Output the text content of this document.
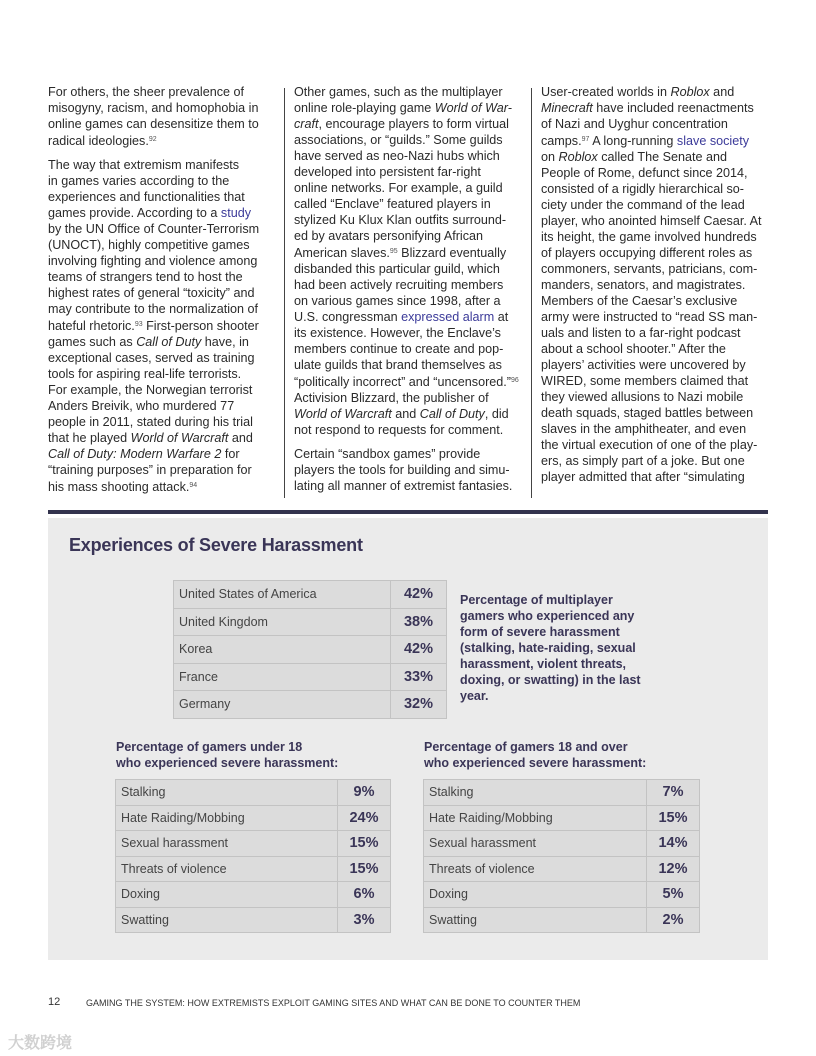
For others, the sheer prevalence of
misogyny, racism, and homophobia in
online games can desensitize them to
radical ideologies.$^{92}$

The way that extremism manifests
in games varies according to the
experiences and functionalities that
games provide. According to a study
by the UN Office of Counter-Terrorism
(UNOCT), highly competitive games
involving fighting and violence among
teams of strangers tend to host the
highest rates of general “toxicity” and
may contribute to the normalization of
hateful rhetoric.$^{93}$ First-person shooter
games such as Call of Duty have, in
exceptional cases, served as training
tools for aspiring real-life terrorists.
For example, the Norwegian terrorist
Anders Breivik, who murdered 77
people in 2011, stated during his trial
that he played World of Warcraft and
Call of Duty: Modern Warfare 2 for
“training purposes” in preparation for
his mass shooting attack.$^{94}$

Other games, such as the multiplayer
online role-playing game World of War-
craft, encourage players to form virtual
associations, or “guilds.” Some guilds
have served as neo-Nazi hubs which
developed into persistent far-right
online networks. For example, a guild
called “Enclave” featured players in
stylized Ku Klux Klan outfits surround-
ed by avatars personifying African
American slaves.$^{95}$ Blizzard eventually
disbanded this particular guild, which
had been actively recruiting members
on various games since 1998, after a
U.S. congressman expressed alarm at
its existence. However, the Enclave’s
members continue to create and pop-
ulate guilds that brand themselves as
“politically incorrect” and “uncensored.”$^{96}$
Activision Blizzard, the publisher of
World of Warcraft and Call of Duty, did
not respond to requests for comment.

Certain “sandbox games” provide
players the tools for building and simu-
lating all manner of extremist fantasies.

User-created worlds in Roblox and
Minecraft have included reenactments
of Nazi and Uyghur concentration
camps.$^{97}$ A long-running slave society
on Roblox called The Senate and
People of Rome, defunct since 2014,
consisted of a rigidly hierarchical so-
ciety under the command of the lead
player, who anointed himself Caesar. At
its height, the game involved hundreds
of players occupying different roles as
commoners, servants, patricians, com-
manders, senators, and magistrates.
Members of the Caesar’s exclusive
army were instructed to “read SS man-
uals and listen to a far-right podcast
about a school shooter.” After the
players’ activities were uncovered by
WIRED, some members claimed that
they viewed allusions to Nazi mobile
death squads, staged battles between
slaves in the amphitheater, and even
the virtual execution of one of the play-
ers, as simply part of a joke. But one
player admitted that after “simulating

Experiences of Severe Harassment
United States of America	42%
United Kingdom	38%
Korea	42%
France	33%
Germany	32%
Percentage of multiplayer gamers who experienced any form of severe harassment (stalking, hate-raiding, sexual harassment, violent threats, doxing, or swatting) in the last year.
Percentage of gamers under 18
who experienced severe harassment:
Stalking	9%
Hate Raiding/Mobbing	24%
Sexual harassment	15%
Threats of violence	15%
Doxing	6%
Swatting	3%
Percentage of gamers 18 and over
who experienced severe harassment:
Stalking	7%
Hate Raiding/Mobbing	15%
Sexual harassment	14%
Threats of violence	12%
Doxing	5%
Swatting	2%
12	GAMING THE SYSTEM: HOW EXTREMISTS EXPLOIT GAMING SITES AND WHAT CAN BE DONE TO COUNTER THEM
大数跨境
